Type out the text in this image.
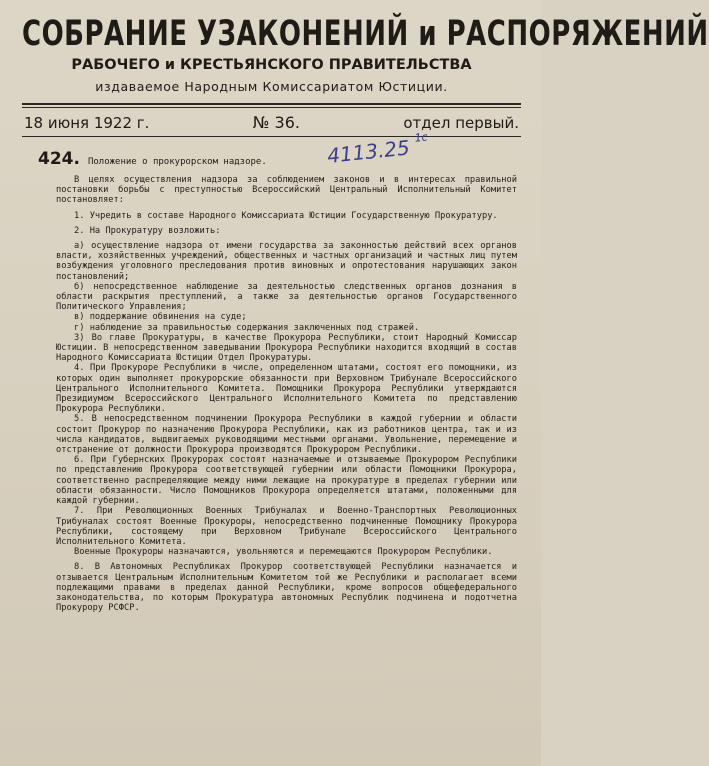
СОБРАНИЕ УЗАКОНЕНИЙ и РАСПОРЯЖЕНИЙ
РАБОЧЕГО и КРЕСТЬЯНСКОГО ПРАВИТЕЛЬСТВА
издаваемое Народным Комиссариатом Юстиции.
18 июня 1922 г.	№ 36.	отдел первый.
424. Положение о прокурорском надзоре.	4113.25 $^{1c}$

В целях осуществления надзора за соблюдением законов и в интересах правильной постановки борьбы с преступностью Всероссийский Центральный Исполнительный Комитет постановляет:

1. Учредить в составе Народного Комиссариата Юстиции Государственную Прокуратуру.

2. На Прокуратуру возложить:

а) осуществление надзора от имени государства за законностью действий всех органов власти, хозяйственных учреждений, общественных и частных организаций и частных лиц путем возбуждения уголовного преследования против виновных и опротестования нарушающих закон постановлений;

б) непосредственное наблюдение за деятельностью следственных органов дознания в области раскрытия преступлений, а также за деятельностью органов Государственного Политического Управления;

в) поддержание обвинения на суде;

г) наблюдение за правильностью содержания заключенных под стражей.

3) Во главе Прокуратуры, в качестве Прокурора Республики, стоит Народный Комиссар Юстиции. В непосредственном заведывании Прокурора Республики находится входящий в состав Народного Комиссариата Юстиции Отдел Прокуратуры.

4. При Прокуроре Республики в числе, определенном штатами, состоят его помощники, из которых один выполняет прокурорские обязанности при Верховном Трибунале Всероссийского Центрального Исполнительного Комитета. Помощники Прокурора Республики утверждаются Президиумом Всероссийского Центрального Исполнительного Комитета по представлению Прокурора Республики.

5. В непосредственном подчинении Прокурора Республики в каждой губернии и области состоит Прокурор по назначению Прокурора Республики, как из работников центра, так и из числа кандидатов, выдвигаемых руководящими местными органами. Увольнение, перемещение и отстранение от должности Прокурора производятся Прокурором Республики.

6. При Губернских Прокурорах состоят назначаемые и отзываемые Прокурором Республики по представлению Прокурора соответствующей губернии или области Помощники Прокурора, соответственно распределяющие между ними лежащие на прокуратуре в пределах губернии или области обязанности. Число Помощников Прокурора определяется штатами, положенными для каждой губернии.

7. При Революционных Военных Трибуналах и Военно-Транспортных Революционных Трибуналах состоят Военные Прокуроры, непосредственно подчиненные Помощнику Прокурора Республики, состоящему при Верховном Трибунале Всероссийского Центрального Исполнительного Комитета.

Военные Прокуроры назначаются, увольняются и перемещаются Прокурором Республики.

8. В Автономных Республиках Прокурор соответствующей Республики назначается и отзывается Центральным Исполнительным Комитетом той же Республики и располагает всеми подлежащими правами в пределах данной Республики, кроме вопросов общефедерального законодательства, по которым Прокуратура автономных Республик подчинена и подотчетна Прокурору РСФСР.
